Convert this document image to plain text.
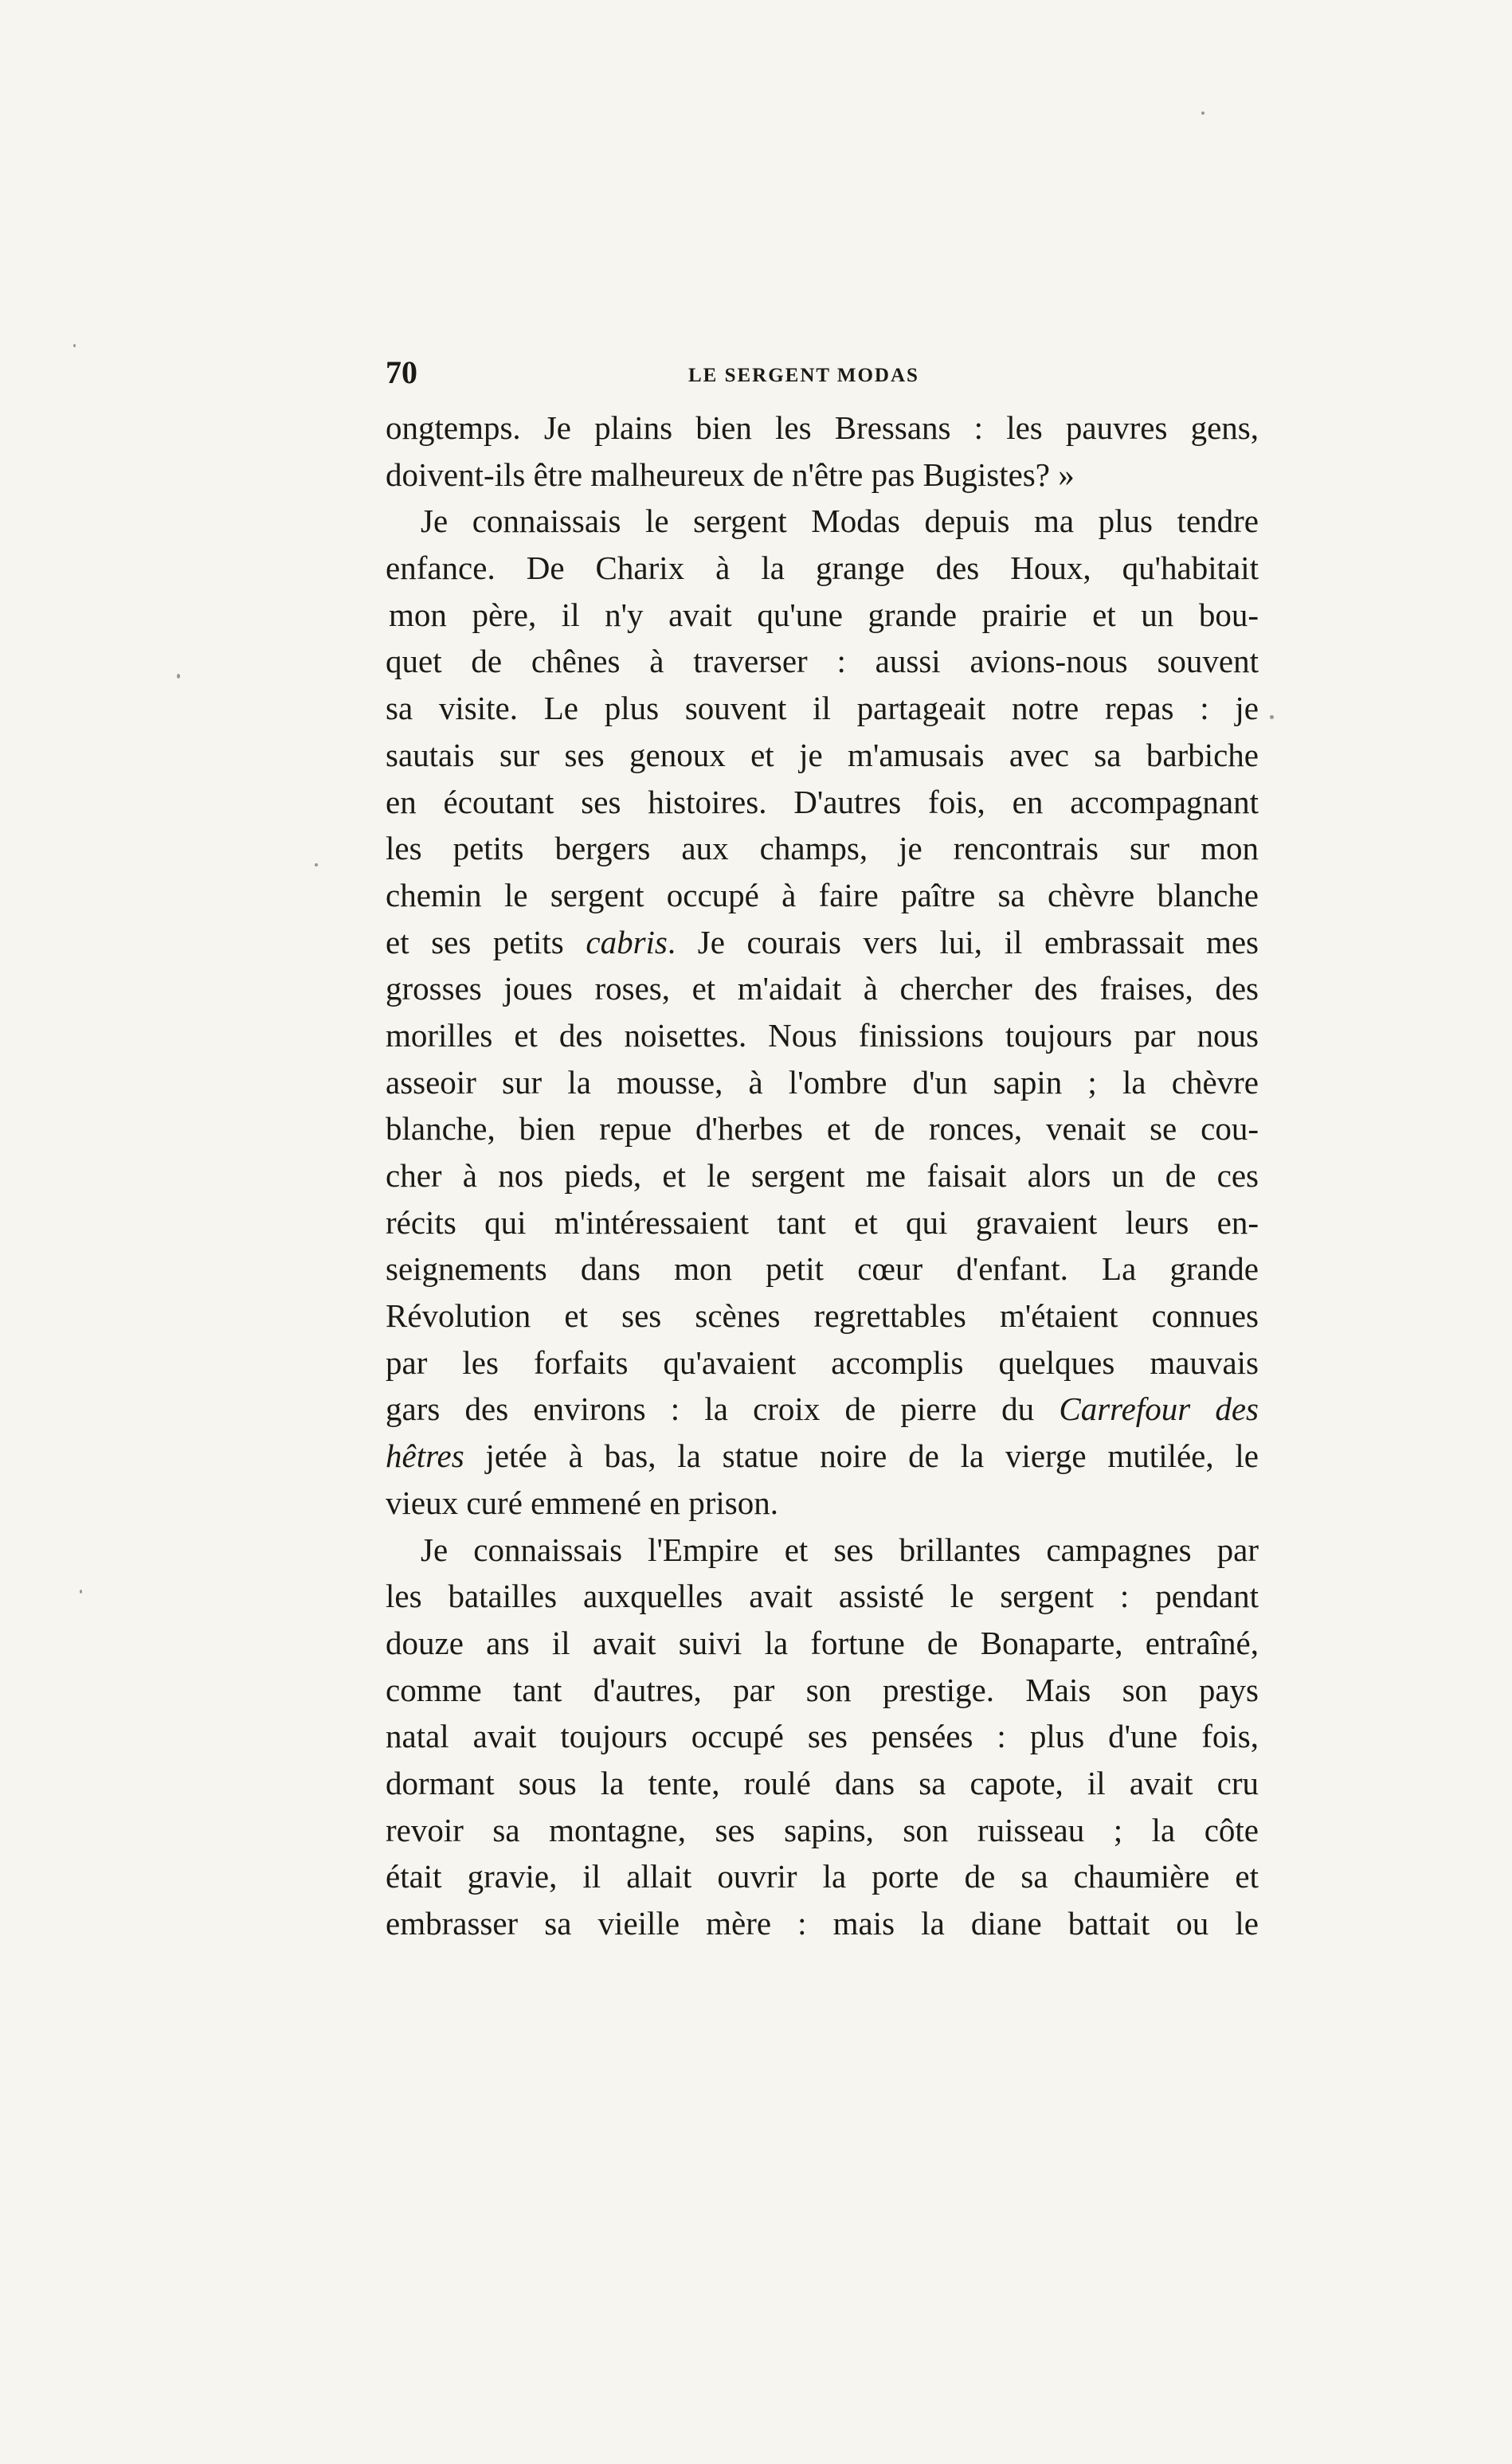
70	LE SERGENT MODAS
ongtemps. Je plains bien les Bressans : les pauvres gens,
doivent-ils être malheureux de n'être pas Bugistes? »
Je connaissais le sergent Modas depuis ma plus tendre
enfance. De Charix à la grange des Houx, qu'habitait
mon père, il n'y avait qu'une grande prairie et un bou-
quet de chênes à traverser : aussi avions-nous souvent
sa visite. Le plus souvent il partageait notre repas : je
sautais sur ses genoux et je m'amusais avec sa barbiche
en écoutant ses histoires. D'autres fois, en accompagnant
les petits bergers aux champs, je rencontrais sur mon
chemin le sergent occupé à faire paître sa chèvre blanche
et ses petits cabris. Je courais vers lui, il embrassait mes
grosses joues roses, et m'aidait à chercher des fraises, des
morilles et des noisettes. Nous finissions toujours par nous
asseoir sur la mousse, à l'ombre d'un sapin ; la chèvre
blanche, bien repue d'herbes et de ronces, venait se cou-
cher à nos pieds, et le sergent me faisait alors un de ces
récits qui m'intéressaient tant et qui gravaient leurs en-
seignements dans mon petit cœur d'enfant. La grande
Révolution et ses scènes regrettables m'étaient connues
par les forfaits qu'avaient accomplis quelques mauvais
gars des environs : la croix de pierre du Carrefour des
hêtres jetée à bas, la statue noire de la vierge mutilée, le
vieux curé emmené en prison.
Je connaissais l'Empire et ses brillantes campagnes par
les batailles auxquelles avait assisté le sergent : pendant
douze ans il avait suivi la fortune de Bonaparte, entraîné,
comme tant d'autres, par son prestige. Mais son pays
natal avait toujours occupé ses pensées : plus d'une fois,
dormant sous la tente, roulé dans sa capote, il avait cru
revoir sa montagne, ses sapins, son ruisseau ; la côte
était gravie, il allait ouvrir la porte de sa chaumière et
embrasser sa vieille mère : mais la diane battait ou le
